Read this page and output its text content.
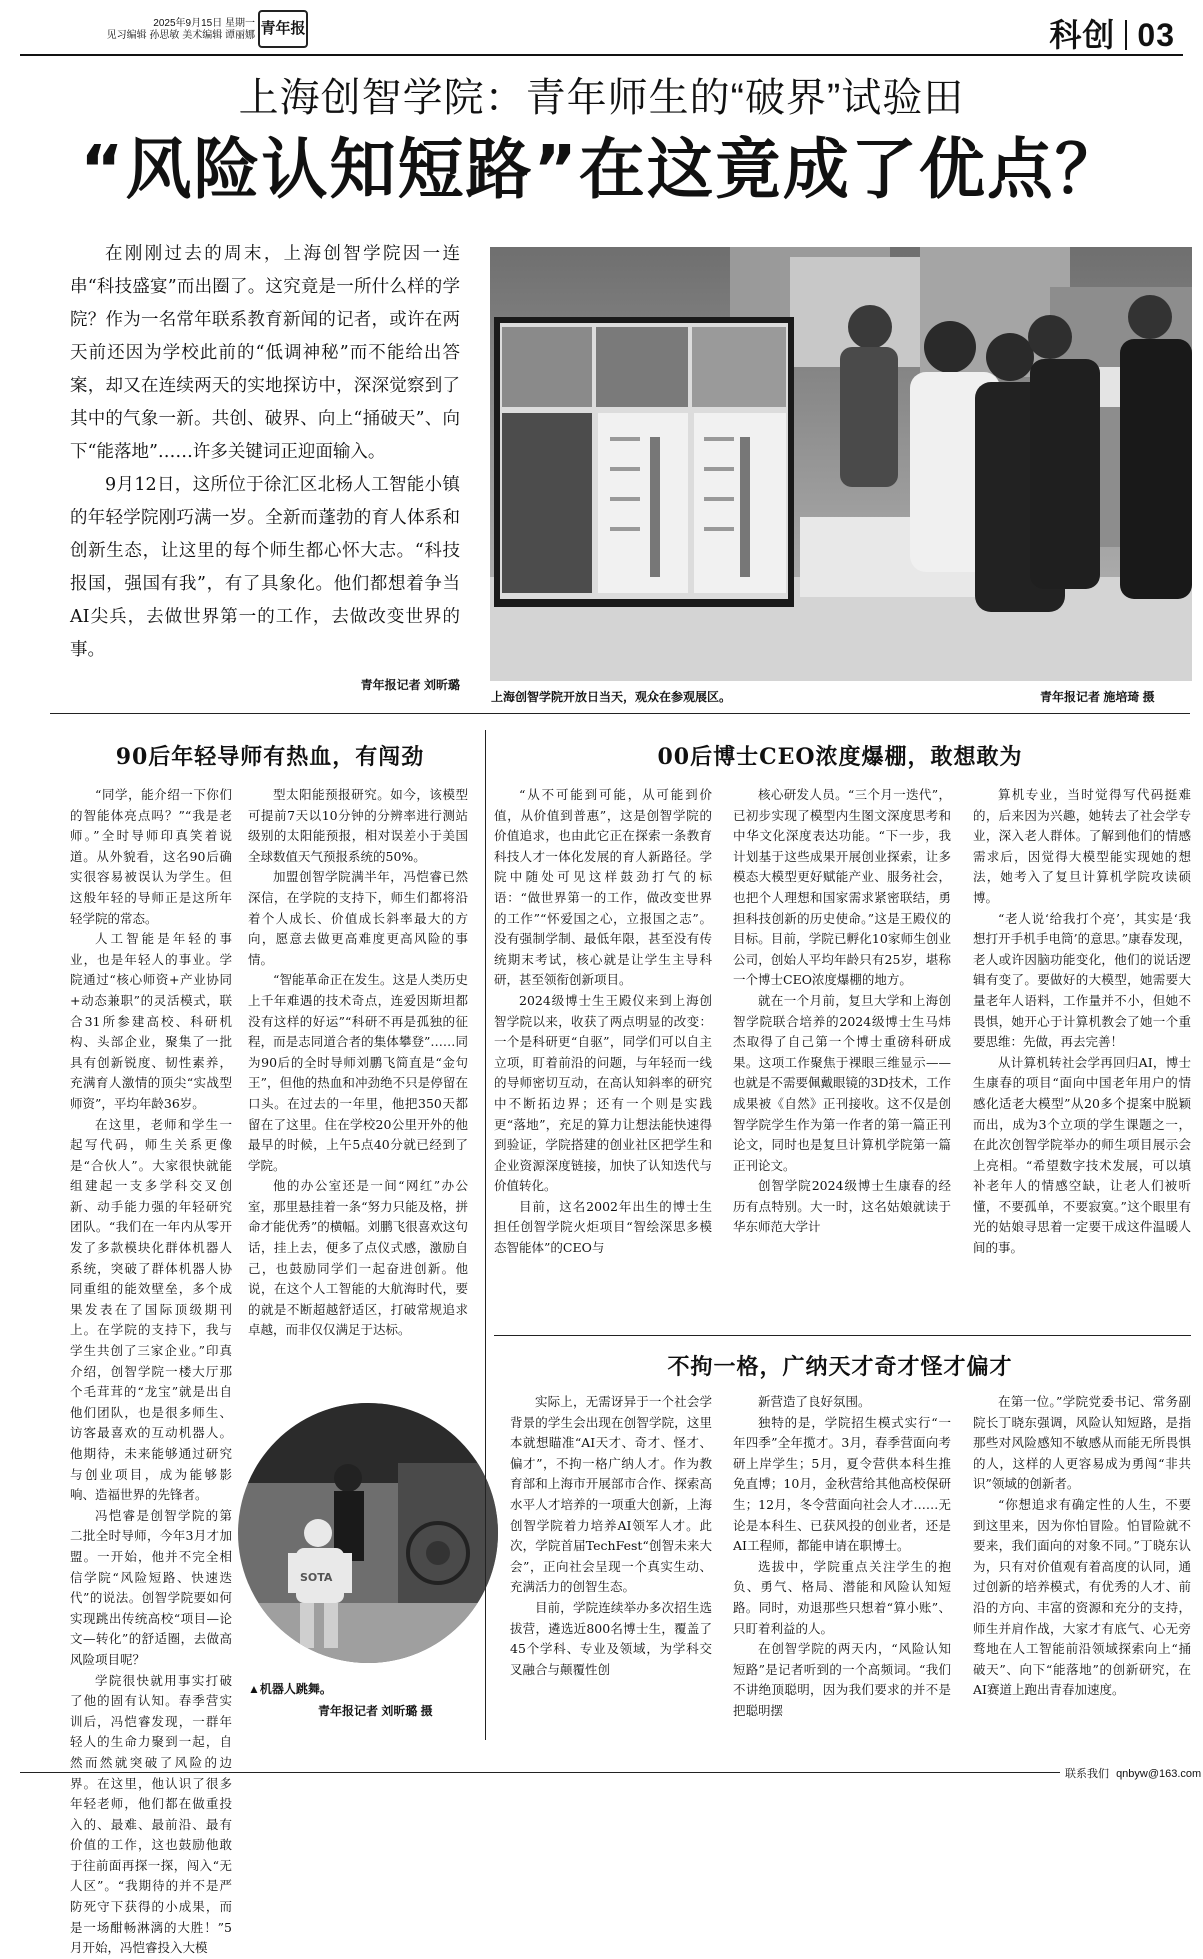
2025年9月15日 星期一
见习编辑 孙思敏 美术编辑 谭丽娜 青年报	科创 03
上海创智学院：青年师生的“破界”试验田
“风险认知短路”在这竟成了优点？

在刚刚过去的周末，上海创智学院因一连串“科技盛宴”而出圈了。这究竟是一所什么样的学院？作为一名常年联系教育新闻的记者，或许在两天前还因为学校此前的“低调神秘”而不能给出答案，却又在连续两天的实地探访中，深深觉察到了其中的气象一新。共创、破界、向上“捅破天”、向下“能落地”……许多关键词正迎面输入。

9月12日，这所位于徐汇区北杨人工智能小镇的年轻学院刚巧满一岁。全新而蓬勃的育人体系和创新生态，让这里的每个师生都心怀大志。“科技报国，强国有我”，有了具象化。他们都想着争当AI尖兵，去做世界第一的工作，去做改变世界的事。

青年报记者 刘昕璐
上海创智学院开放日当天，观众在参观展区。	青年报记者 施培琦 摄
90后年轻导师有热血，有闯劲

“同学，能介绍一下你们的智能体亮点吗？”“我是老师。”全时导师印真笑着说道。从外貌看，这名90后确实很容易被误认为学生。但这般年轻的导师正是这所年轻学院的常态。

人工智能是年轻的事业，也是年轻人的事业。学院通过“核心师资+产业协同+动态兼职”的灵活模式，联合31所参建高校、科研机构、头部企业，聚集了一批具有创新锐度、韧性素养，充满育人激情的顶尖“实战型师资”，平均年龄36岁。

在这里，老师和学生一起写代码，师生关系更像是“合伙人”。大家很快就能组建起一支多学科交叉创新、动手能力强的年轻研究团队。“我们在一年内从零开发了多款模块化群体机器人系统，突破了群体机器人协同重组的能效壁垒，多个成果发表在了国际顶级期刊上。在学院的支持下，我与学生共创了三家企业。”印真介绍，创智学院一楼大厅那个毛茸茸的“龙宝”就是出自他们团队，也是很多师生、访客最喜欢的互动机器人。他期待，未来能够通过研究与创业项目，成为能够影响、造福世界的先锋者。

冯恺睿是创智学院的第二批全时导师，今年3月才加盟。一开始，他并不完全相信学院“风险短路、快速迭代”的说法。创智学院要如何实现跳出传统高校“项目—论文—转化”的舒适圈，去做高风险项目呢？

学院很快就用事实打破了他的固有认知。春季营实训后，冯恺睿发现，一群年轻人的生命力聚到一起，自然而然就突破了风险的边界。在这里，他认识了很多年轻老师，他们都在做重投入的、最难、最前沿、最有价值的工作，这也鼓励他敢于往前面再探一探，闯入“无人区”。“我期待的并不是严防死守下获得的小成果，而是一场酣畅淋漓的大胜！”5月开始，冯恺睿投入大模

型太阳能预报研究。如今，该模型可提前7天以10分钟的分辨率进行测站级别的太阳能预报，相对误差小于美国全球数值天气预报系统的50%。

加盟创智学院满半年，冯恺睿已然深信，在学院的支持下，师生们都将沿着个人成长、价值成长斜率最大的方向，愿意去做更高难度更高风险的事情。

“智能革命正在发生。这是人类历史上千年难遇的技术奇点，连爱因斯坦都没有这样的好运”“科研不再是孤独的征程，而是志同道合者的集体攀登”……同为90后的全时导师刘鹏飞简直是“金句王”，但他的热血和冲劲绝不只是停留在口头。在过去的一年里，他把350天都留在了这里。住在学校20公里开外的他最早的时候，上午5点40分就已经到了学院。

他的办公室还是一间“网红”办公室，那里悬挂着一条“努力只能及格，拼命才能优秀”的横幅。刘鹏飞很喜欢这句话，挂上去，便多了点仪式感，激励自己，也鼓励同学们一起奋进创新。他说，在这个人工智能的大航海时代，要的就是不断超越舒适区，打破常规追求卓越，而非仅仅满足于达标。

SOTA
▲机器人跳舞。
青年报记者 刘昕璐 摄
00后博士CEO浓度爆棚，敢想敢为

“从不可能到可能，从可能到价值，从价值到普惠”，这是创智学院的价值追求，也由此它正在探索一条教育科技人才一体化发展的育人新路径。学院中随处可见这样鼓劲打气的标语：“做世界第一的工作，做改变世界的工作”“怀爱国之心，立报国之志”。没有强制学制、最低年限，甚至没有传统期末考试，核心就是让学生主导科研，甚至领衔创新项目。

2024级博士生王殿仪来到上海创智学院以来，收获了两点明显的改变：一个是科研更“自驱”，同学们可以自主立项，盯着前沿的问题，与年轻而一线的导师密切互动，在高认知斜率的研究中不断拓边界；还有一个则是实践更“落地”，充足的算力让想法能快速得到验证，学院搭建的创业社区把学生和企业资源深度链接，加快了认知迭代与价值转化。

目前，这名2002年出生的博士生担任创智学院火炬项目“智绘深思多模态智能体”的CEO与

核心研发人员。“三个月一迭代”，已初步实现了模型内生图文深度思考和中华文化深度表达功能。“下一步，我计划基于这些成果开展创业探索，让多模态大模型更好赋能产业、服务社会，也把个人理想和国家需求紧密联结，勇担科技创新的历史使命。”这是王殿仪的目标。目前，学院已孵化10家师生创业公司，创始人平均年龄只有25岁，堪称一个博士CEO浓度爆棚的地方。

就在一个月前，复旦大学和上海创智学院联合培养的2024级博士生马炜杰取得了自己第一个博士重磅科研成果。这项工作聚焦于裸眼三维显示——也就是不需要佩戴眼镜的3D技术，工作成果被《自然》正刊接收。这不仅是创智学院学生作为第一作者的第一篇正刊论文，同时也是复旦计算机学院第一篇正刊论文。

创智学院2024级博士生康春的经历有点特别。大一时，这名姑娘就读于华东师范大学计

算机专业，当时觉得写代码挺难的，后来因为兴趣，她转去了社会学专业，深入老人群体。了解到他们的情感需求后，因觉得大模型能实现她的想法，她考入了复旦计算机学院攻读硕博。

“老人说‘给我打个亮’，其实是‘我想打开手机手电筒’的意思。”康春发现，老人或许因脑功能变化，他们的说话逻辑有变了。要做好的大模型，她需要大量老年人语料，工作量并不小，但她不畏惧，她开心于计算机教会了她一个重要思维：先做，再去完善！

从计算机转社会学再回归AI，博士生康春的项目“面向中国老年用户的情感化适老大模型”从20多个提案中脱颖而出，成为3个立项的学生课题之一，在此次创智学院举办的师生项目展示会上亮相。“希望数字技术发展，可以填补老年人的情感空缺，让老人们被听懂，不要孤单，不要寂寞。”这个眼里有光的姑娘寻思着一定要干成这件温暖人间的事。

不拘一格，广纳天才奇才怪才偏才

实际上，无需讶异于一个社会学背景的学生会出现在创智学院，这里本就想瞄准“AI天才、奇才、怪才、偏才”，不拘一格广纳人才。作为教育部和上海市开展部市合作、探索高水平人才培养的一项重大创新，上海创智学院着力培养AI领军人才。此次，学院首届TechFest“创智未来大会”，正向社会呈现一个真实生动、充满活力的创智生态。

目前，学院连续举办多次招生选拔营，遴选近800名博士生，覆盖了45个学科、专业及领域，为学科交叉融合与颠覆性创

新营造了良好氛围。

独特的是，学院招生模式实行“一年四季”全年揽才。3月，春季营面向考研上岸学生；5月，夏令营供本科生推免直博；10月，金秋营给其他高校保研生；12月，冬令营面向社会人才……无论是本科生、已获风投的创业者，还是AI工程师，都能申请在职博士。

选拔中，学院重点关注学生的抱负、勇气、格局、潜能和风险认知短路。同时，劝退那些只想着“算小账”、只盯着利益的人。

在创智学院的两天内，“风险认知短路”是记者听到的一个高频词。“我们不讲绝顶聪明，因为我们要求的并不是把聪明摆

在第一位。”学院党委书记、常务副院长丁晓东强调，风险认知短路，是指那些对风险感知不敏感从而能无所畏惧的人，这样的人更容易成为勇闯“非共识”领域的创新者。

“你想追求有确定性的人生，不要到这里来，因为你怕冒险。怕冒险就不要来，我们面向的对象不同。”丁晓东认为，只有对价值观有着高度的认同，通过创新的培养模式，有优秀的人才、前沿的方向、丰富的资源和充分的支持，师生并肩作战，大家才有底气、心无旁骛地在人工智能前沿领域探索向上“捅破天”、向下“能落地”的创新研究，在AI赛道上跑出青春加速度。

联系我们 qnbyw@163.com
